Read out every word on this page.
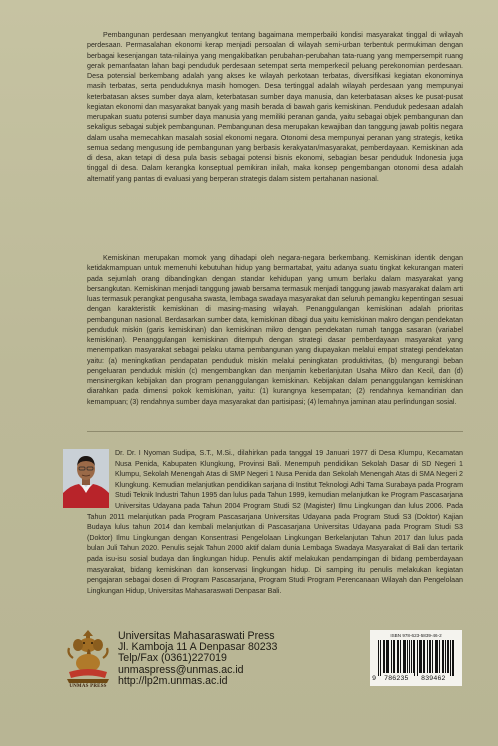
Pembangunan perdesaan menyangkut tentang bagaimana memperbaiki kondisi masyarakat tinggal di wilayah perdesaan. Permasalahan ekonomi kerap menjadi persoalan di wilayah semi-urban terbentuk permukiman dengan berbagai kesenjangan tata-nilainya yang mengakibatkan perubahan-perubahan tata-ruang yang mempersempit ruang gerak pemanfaatan lahan bagi penduduk perdesaan setempat serta memperkecil peluang perekonomian perdesaan. Desa potensial berkembang adalah yang akses ke wilayah perkotaan terbatas, diversifikasi kegiatan ekonominya masih terbatas, serta penduduknya masih homogen. Desa tertinggal adalah wilayah perdesaan yang mempunyai keterbatasan akses sumber daya alam, keterbatasan sumber daya manusia, dan keterbatasan akses ke pusat-pusat kegiatan ekonomi dan masyarakat banyak yang masih berada di bawah garis kemiskinan. Penduduk pedesaan adalah merupakan suatu potensi sumber daya manusia yang memiliki peranan ganda, yaitu sebagai objek pembangunan dan sekaligus sebagai subjek pembangunan. Pembangunan desa merupakan kewajiban dan tanggung jawab politis negara dalam usaha memecahkan masalah sosial ekonomi negara. Otonomi desa mempunyai peranan yang strategis, ketika semua sedang mengusung ide pembangunan yang berbasis kerakyatan/masyarakat, pemberdayaan. Kemiskinan ada di desa, akan tetapi di desa pula basis sebagai potensi bisnis ekonomi, sebagian besar penduduk Indonesia juga tinggal di desa. Dalam kerangka konseptual pemikiran inilah, maka konsep pengembangan otonomi desa adalah alternatif yang pantas di evaluasi yang berperan strategis dalam sistem pertahanan nasional.

Kemiskinan merupakan momok yang dihadapi oleh negara-negara berkembang. Kemiskinan identik dengan ketidakmampuan untuk memenuhi kebutuhan hidup yang bermartabat, yaitu adanya suatu tingkat kekurangan materi pada sejumlah orang dibandingkan dengan standar kehidupan yang umum berlaku dalam masyarakat yang bersangkutan. Kemiskinan menjadi tanggung jawab bersama termasuk menjadi tanggung jawab masyarakat dalam arti luas termasuk perangkat pengusaha swasta, lembaga swadaya masyarakat dan seluruh pemangku kepentingan sesuai dengan karakteristik kemiskinan di masing-masing wilayah. Penanggulangan kemiskinan adalah prioritas pembangunan nasional. Berdasarkan sumber data, kemiskinan dibagi dua yaitu kemiskinan makro dengan pendekatan penduduk miskin (garis kemiskinan) dan kemiskinan mikro dengan pendekatan rumah tangga sasaran (variabel kemiskinan). Penanggulangan kemiskinan ditempuh dengan strategi dasar pemberdayaan masyarakat yang menempatkan masyarakat sebagai pelaku utama pembangunan yang diupayakan melalui empat strategi pendekatan yaitu: (a) meningkatkan pendapatan penduduk miskin melalui peningkatan produktivitas, (b) mengurangi beban pengeluaran penduduk miskin (c) mengembangkan dan menjamin keberlanjutan Usaha Mikro dan Kecil, dan (d) mensinergikan kebijakan dan program penanggulangan kemiskinan. Kebijakan dalam penanggulangan kemiskinan diarahkan pada dimensi pokok kemiskinan, yaitu: (1) kurangnya kesempatan; (2) rendahnya kemandirian dan kemampuan; (3) rendahnya sumber daya masyarakat dan partisipasi; (4) lemahnya jaminan atau perlindungan sosial.

Dr. Dr. I Nyoman Sudipa, S.T., M.Si., dilahirkan pada tanggal 19 Januari 1977 di Desa Klumpu, Kecamatan Nusa Penida, Kabupaten Klungkung, Provinsi Bali. Menempuh pendidikan Sekolah Dasar di SD Negeri 1 Klumpu, Sekolah Menengah Atas di SMP Negeri 1 Nusa Penida dan Sekolah Menengah Atas di SMA Negeri 2 Klungkung. Kemudian melanjutkan pendidikan sarjana di Institut Teknologi Adhi Tama Surabaya pada Program Studi Teknik Industri Tahun 1995 dan lulus pada Tahun 1999, kemudian melanjutkan ke Program Pascasarjana Universitas Udayana pada Tahun 2004 Program Studi S2 (Magister) Ilmu Lingkungan dan lulus 2006. Pada Tahun 2011 melanjutkan pada Program Pascasarjana Universitas Udayana pada Program Studi S3 (Doktor) Kajian Budaya lulus tahun 2014 dan kembali melanjutkan di Pascasarjana Universitas Udayana pada Program Studi S3 (Doktor) Ilmu Lingkungan dengan Konsentrasi Pengelolaan Lingkungan Berkelanjutan Tahun 2017 dan lulus pada bulan Juli Tahun 2020. Penulis sejak Tahun 2000 aktif dalam dunia Lembaga Swadaya Masyarakat di Bali dan tertarik pada isu-isu sosial budaya dan lingkungan hidup. Penulis aktif melakukan pendampingan di bidang pemberdayaan masyarakat, bidang kemiskinan dan konservasi lingkungan hidup. Di samping itu penulis melakukan kegiatan pengajaran sebagai dosen di Program Pascasarjana, Program Studi Program Perencanaan Wilayah dan Pengelolaan Lingkungan Hidup, Universitas Mahasaraswati Denpasar Bali.

UNMAS PRESS
Universitas Mahasaraswati Press
Jl. Kamboja 11 A Denpasar 80233
Telp/Fax (0361)227019
unmaspress@unmas.ac.id
http://lp2m.unmas.ac.id
ISBN 978-623-5839-46-2
9 786235 839462
